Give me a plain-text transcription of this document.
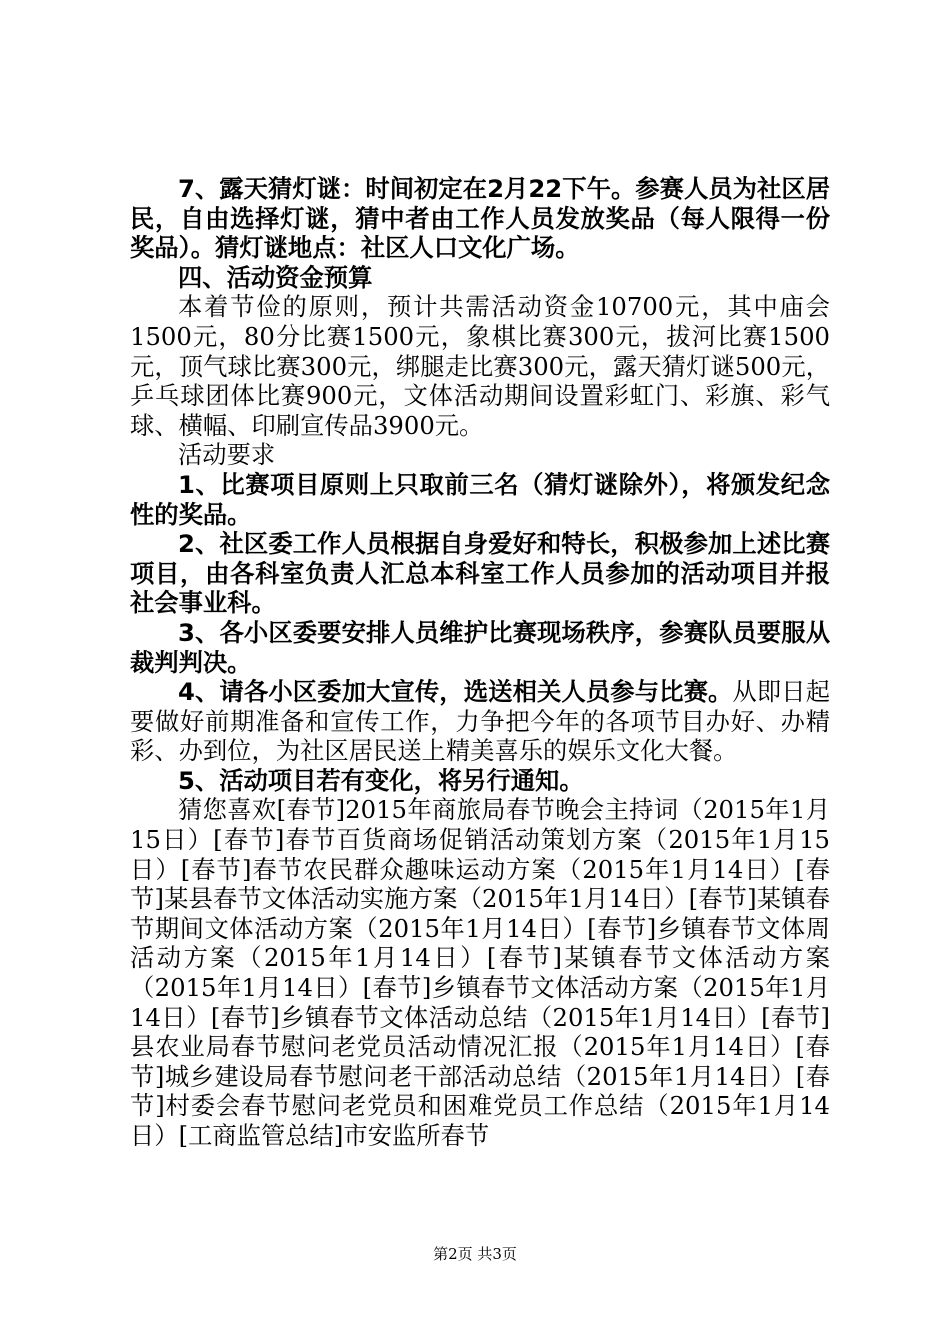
7、露天猜灯谜：时间初定在2月22下午。参赛人员为社区居民，自由选择灯谜，猜中者由工作人员发放奖品（每人限得一份奖品）。猜灯谜地点：社区人口文化广场。

四、活动资金预算

本着节俭的原则，预计共需活动资金10700元，其中庙会1500元，80分比赛1500元，象棋比赛300元，拔河比赛1500元，顶气球比赛300元，绑腿走比赛300元，露天猜灯谜500元，乒乓球团体比赛900元，文体活动期间设置彩虹门、彩旗、彩气球、横幅、印刷宣传品3900元。

活动要求

1、比赛项目原则上只取前三名（猜灯谜除外），将颁发纪念性的奖品。

2、社区委工作人员根据自身爱好和特长，积极参加上述比赛项目，由各科室负责人汇总本科室工作人员参加的活动项目并报社会事业科。

3、各小区委要安排人员维护比赛现场秩序，参赛队员要服从裁判判决。

4、请各小区委加大宣传，选送相关人员参与比赛。从即日起要做好前期准备和宣传工作，力争把今年的各项节目办好、办精彩、办到位，为社区居民送上精美喜乐的娱乐文化大餐。

5、活动项目若有变化，将另行通知。

猜您喜欢[春节]2015年商旅局春节晚会主持词（2015年1月15日）[春节]春节百货商场促销活动策划方案（2015年1月15日）[春节]春节农民群众趣味运动方案（2015年1月14日）[春节]某县春节文体活动实施方案（2015年1月14日）[春节]某镇春节期间文体活动方案（2015年1月14日）[春节]乡镇春节文体周活动方案（2015年1月14日）[春节]某镇春节文体活动方案（2015年1月14日）[春节]乡镇春节文体活动方案（2015年1月14日）[春节]乡镇春节文体活动总结（2015年1月14日）[春节]县农业局春节慰问老党员活动情况汇报（2015年1月14日）[春节]城乡建设局春节慰问老干部活动总结（2015年1月14日）[春节]村委会春节慰问老党员和困难党员工作总结（2015年1月14日）[工商监管总结]市安监所春节

第2页 共3页
